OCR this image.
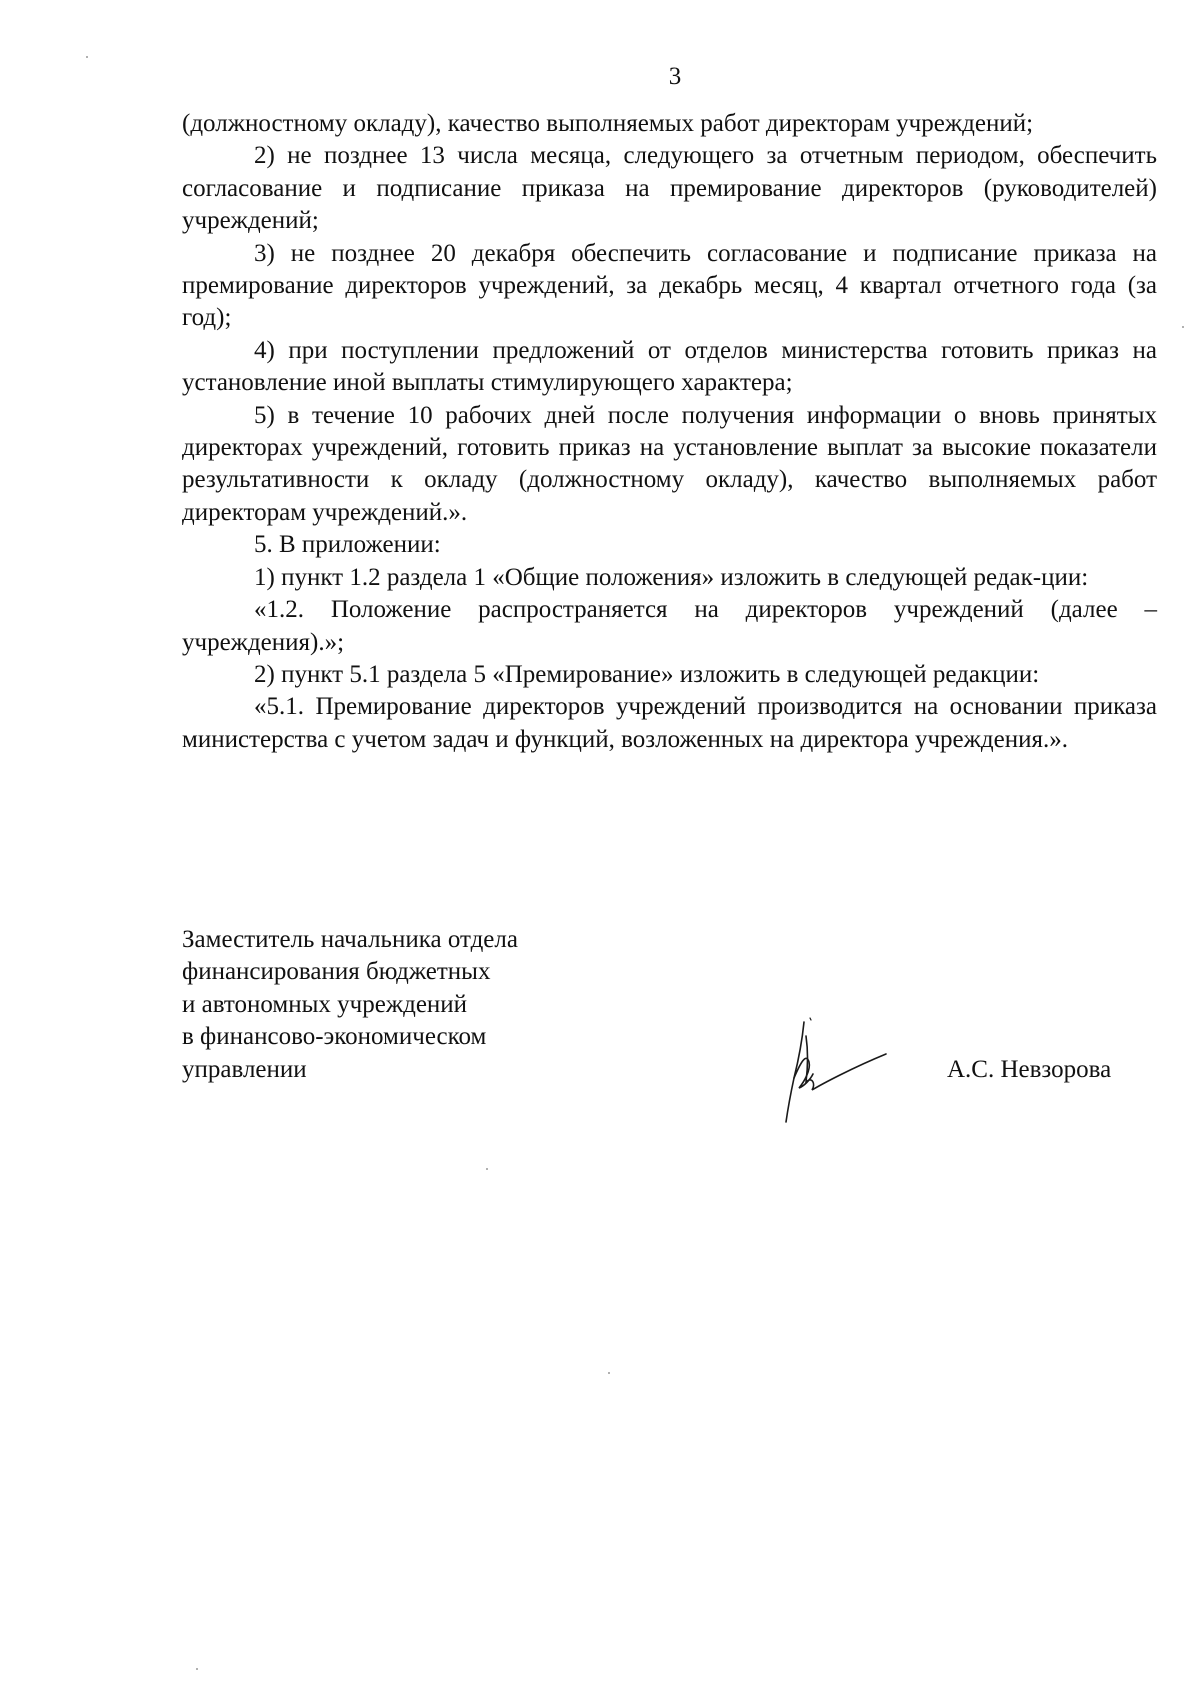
3

(должностному окладу), качество выполняемых работ директорам учреждений;

2) не позднее 13 числа месяца, следующего за отчетным периодом, обеспечить согласование и подписание приказа на премирование директоров (руководителей) учреждений;

3) не позднее 20 декабря обеспечить согласование и подписание приказа на премирование директоров учреждений, за декабрь месяц, 4 квартал отчетного года (за год);

4) при поступлении предложений от отделов министерства готовить приказ на установление иной выплаты стимулирующего характера;

5) в течение 10 рабочих дней после получения информации о вновь принятых директорах учреждений, готовить приказ на установление выплат за высокие показатели результативности к окладу (должностному окладу), качество выполняемых работ директорам учреждений.».

5. В приложении:

1) пункт 1.2 раздела 1 «Общие положения» изложить в следующей редак-ции:

«1.2. Положение распространяется на директоров учреждений (далее – учреждения).»;

2) пункт 5.1 раздела 5 «Премирование» изложить в следующей редакции:

«5.1. Премирование директоров учреждений производится на основании приказа министерства с учетом задач и функций, возложенных на директора учреждения.».

Заместитель начальника отдела
финансирования бюджетных
и автономных учреждений
в финансово-экономическом
управлении	А.С. Невзорова
